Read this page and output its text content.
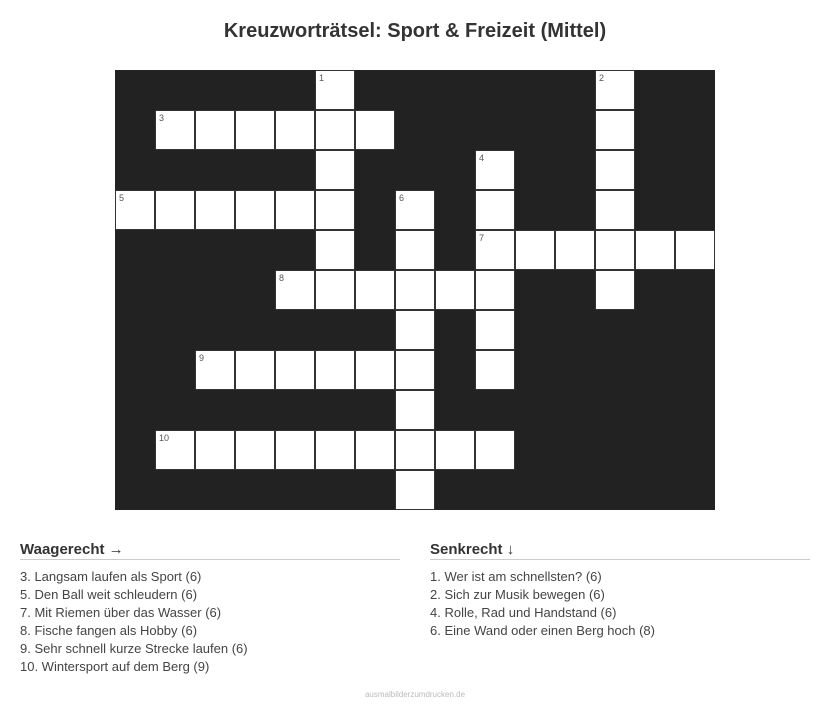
Kreuzworträtsel: Sport & Freizeit (Mittel)
1	2
3
4
5	6
7
8
9
10
Waagerecht →
3. Langsam laufen als Sport (6)
5. Den Ball weit schleudern (6)
7. Mit Riemen über das Wasser (6)
8. Fische fangen als Hobby (6)
9. Sehr schnell kurze Strecke laufen (6)
10. Wintersport auf dem Berg (9)
Senkrecht ↓
1. Wer ist am schnellsten? (6)
2. Sich zur Musik bewegen (6)
4. Rolle, Rad und Handstand (6)
6. Eine Wand oder einen Berg hoch (8)
ausmalbilderzumdrucken.de
